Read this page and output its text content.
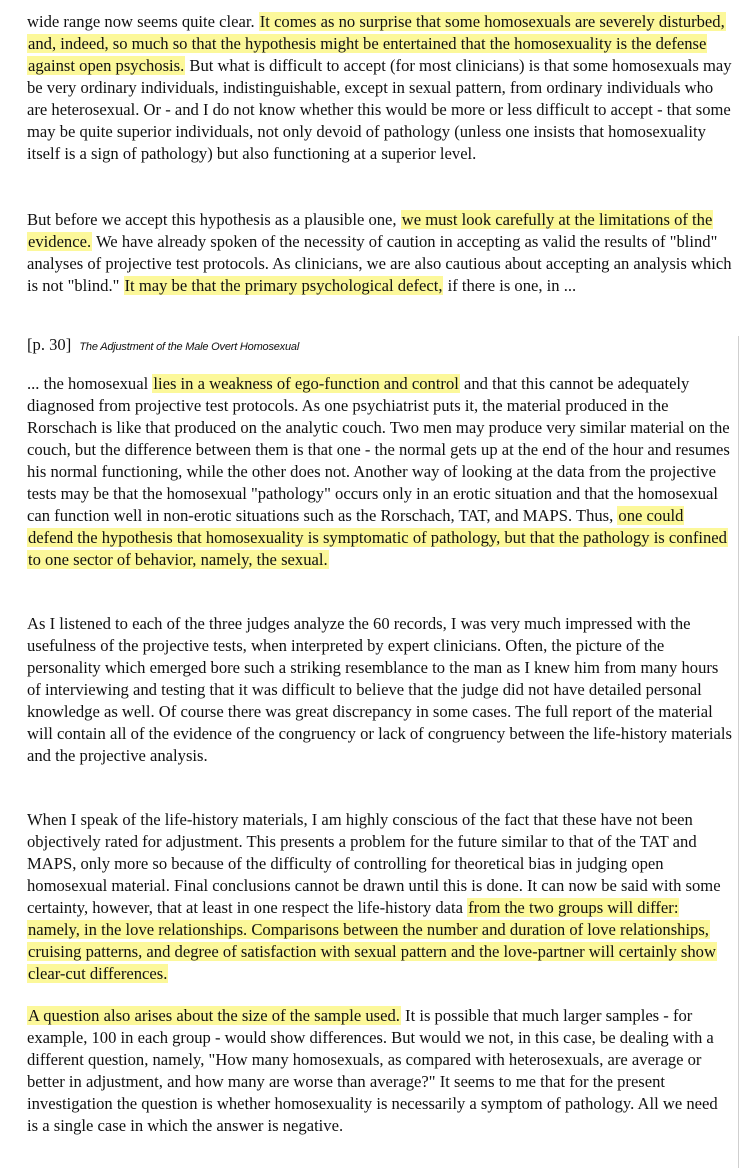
wide range now seems quite clear. It comes as no surprise that some homosexuals are severely disturbed, and, indeed, so much so that the hypothesis might be entertained that the homosexuality is the defense against open psychosis. But what is difficult to accept (for most clinicians) is that some homosexuals may be very ordinary individuals, indistinguishable, except in sexual pattern, from ordinary individuals who are heterosexual. Or - and I do not know whether this would be more or less difficult to accept - that some may be quite superior individuals, not only devoid of pathology (unless one insists that homosexuality itself is a sign of pathology) but also functioning at a superior level.

But before we accept this hypothesis as a plausible one, we must look carefully at the limitations of the evidence. We have already spoken of the necessity of caution in accepting as valid the results of "blind" analyses of projective test protocols. As clinicians, we are also cautious about accepting an analysis which is not "blind." It may be that the primary psychological defect, if there is one, in ...

[p. 30] The Adjustment of the Male Overt Homosexual

... the homosexual lies in a weakness of ego-function and control and that this cannot be adequately diagnosed from projective test protocols. As one psychiatrist puts it, the material produced in the Rorschach is like that produced on the analytic couch. Two men may produce very similar material on the couch, but the difference between them is that one - the normal gets up at the end of the hour and resumes his normal functioning, while the other does not. Another way of looking at the data from the projective tests may be that the homosexual "pathology" occurs only in an erotic situation and that the homosexual can function well in non-erotic situations such as the Rorschach, TAT, and MAPS. Thus, one could defend the hypothesis that homosexuality is symptomatic of pathology, but that the pathology is confined to one sector of behavior, namely, the sexual.

As I listened to each of the three judges analyze the 60 records, I was very much impressed with the usefulness of the projective tests, when interpreted by expert clinicians. Often, the picture of the personality which emerged bore such a striking resemblance to the man as I knew him from many hours of interviewing and testing that it was difficult to believe that the judge did not have detailed personal knowledge as well. Of course there was great discrepancy in some cases. The full report of the material will contain all of the evidence of the congruency or lack of congruency between the life-history materials and the projective analysis.

When I speak of the life-history materials, I am highly conscious of the fact that these have not been objectively rated for adjustment. This presents a problem for the future similar to that of the TAT and MAPS, only more so because of the difficulty of controlling for theoretical bias in judging open homosexual material. Final conclusions cannot be drawn until this is done. It can now be said with some certainty, however, that at least in one respect the life-history data from the two groups will differ: namely, in the love relationships. Comparisons between the number and duration of love relationships, cruising patterns, and degree of satisfaction with sexual pattern and the love-partner will certainly show clear-cut differences.

A question also arises about the size of the sample used. It is possible that much larger samples - for example, 100 in each group - would show differences. But would we not, in this case, be dealing with a different question, namely, "How many homosexuals, as compared with heterosexuals, are average or better in adjustment, and how many are worse than average?" It seems to me that for the present investigation the question is whether homosexuality is necessarily a symptom of pathology. All we need is a single case in which the answer is negative.
